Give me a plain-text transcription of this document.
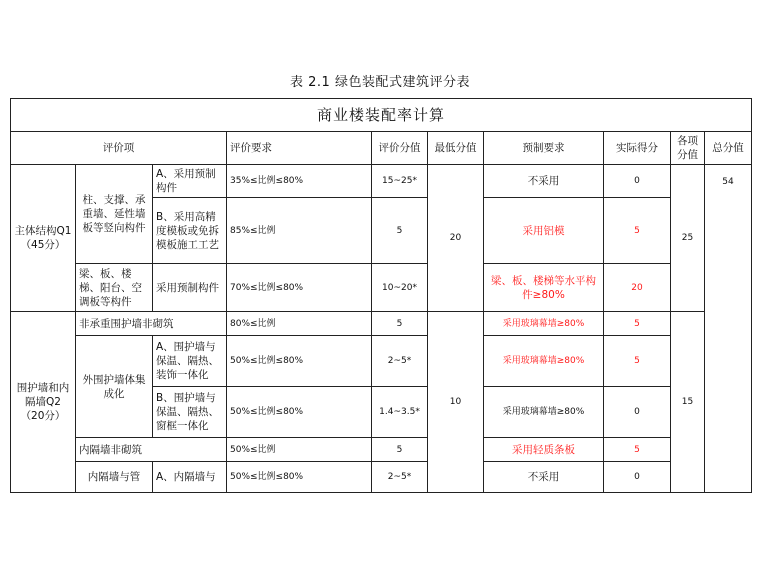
表 2.1 绿色装配式建筑评分表
商业楼装配率计算									
评价项			评价要求	评价分值	最低分值	预制要求	实际得分	各项分值	总分值
主体结构Q1（45分）	柱、支撑、承重墙、延性墙板等竖向构件	A、采用预制构件	35%≤比例≤80%	15~25*	20	不采用	0	25	54
		B、采用高精度模板或免拆模板施工工艺	85%≤比例	5		采用铝模	5		
	梁、板、楼梯、阳台、空调板等构件	采用预制构件	70%≤比例≤80%	10~20*		梁、板、楼梯等水平构件≥80%	20		
围护墙和内隔墙Q2（20分）	非承重围护墙非砌筑		80%≤比例	5	10	采用玻璃幕墙≥80%	5	15	
	外围护墙体集成化	A、围护墙与保温、隔热、装饰一体化	50%≤比例≤80%	2~5*		采用玻璃幕墙≥80%	5		
		B、围护墙与保温、隔热、窗框一体化	50%≤比例≤80%	1.4~3.5*		采用玻璃幕墙≥80%	0		
	内隔墙非砌筑		50%≤比例	5		采用轻质条板	5		
	内隔墙与管	A、内隔墙与	50%≤比例≤80%	2~5*		不采用	0		
